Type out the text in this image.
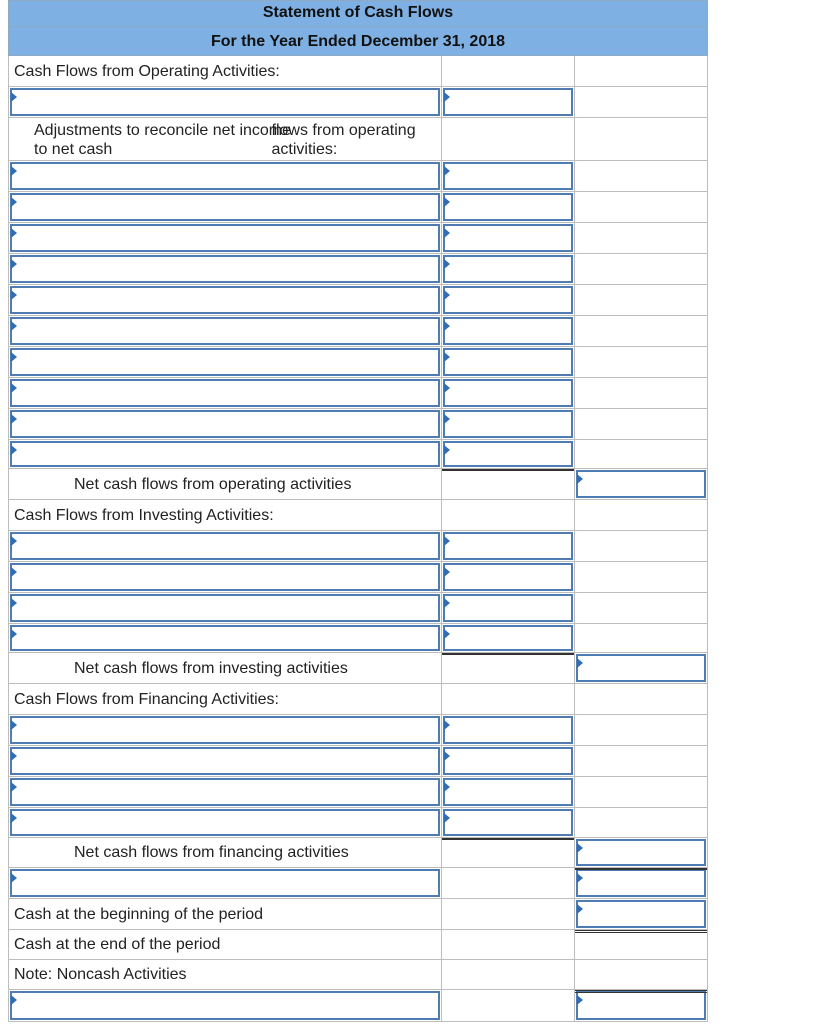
Statement of Cash Flows
For the Year Ended December 31, 2018
Cash Flows from Operating Activities:
Adjustments to reconcile net income to net cash

flows from operating activities:
Net cash flows from operating activities
Cash Flows from Investing Activities:
Net cash flows from investing activities
Cash Flows from Financing Activities:
Net cash flows from financing activities
Cash at the beginning of the period
Cash at the end of the period
Note: Noncash Activities
